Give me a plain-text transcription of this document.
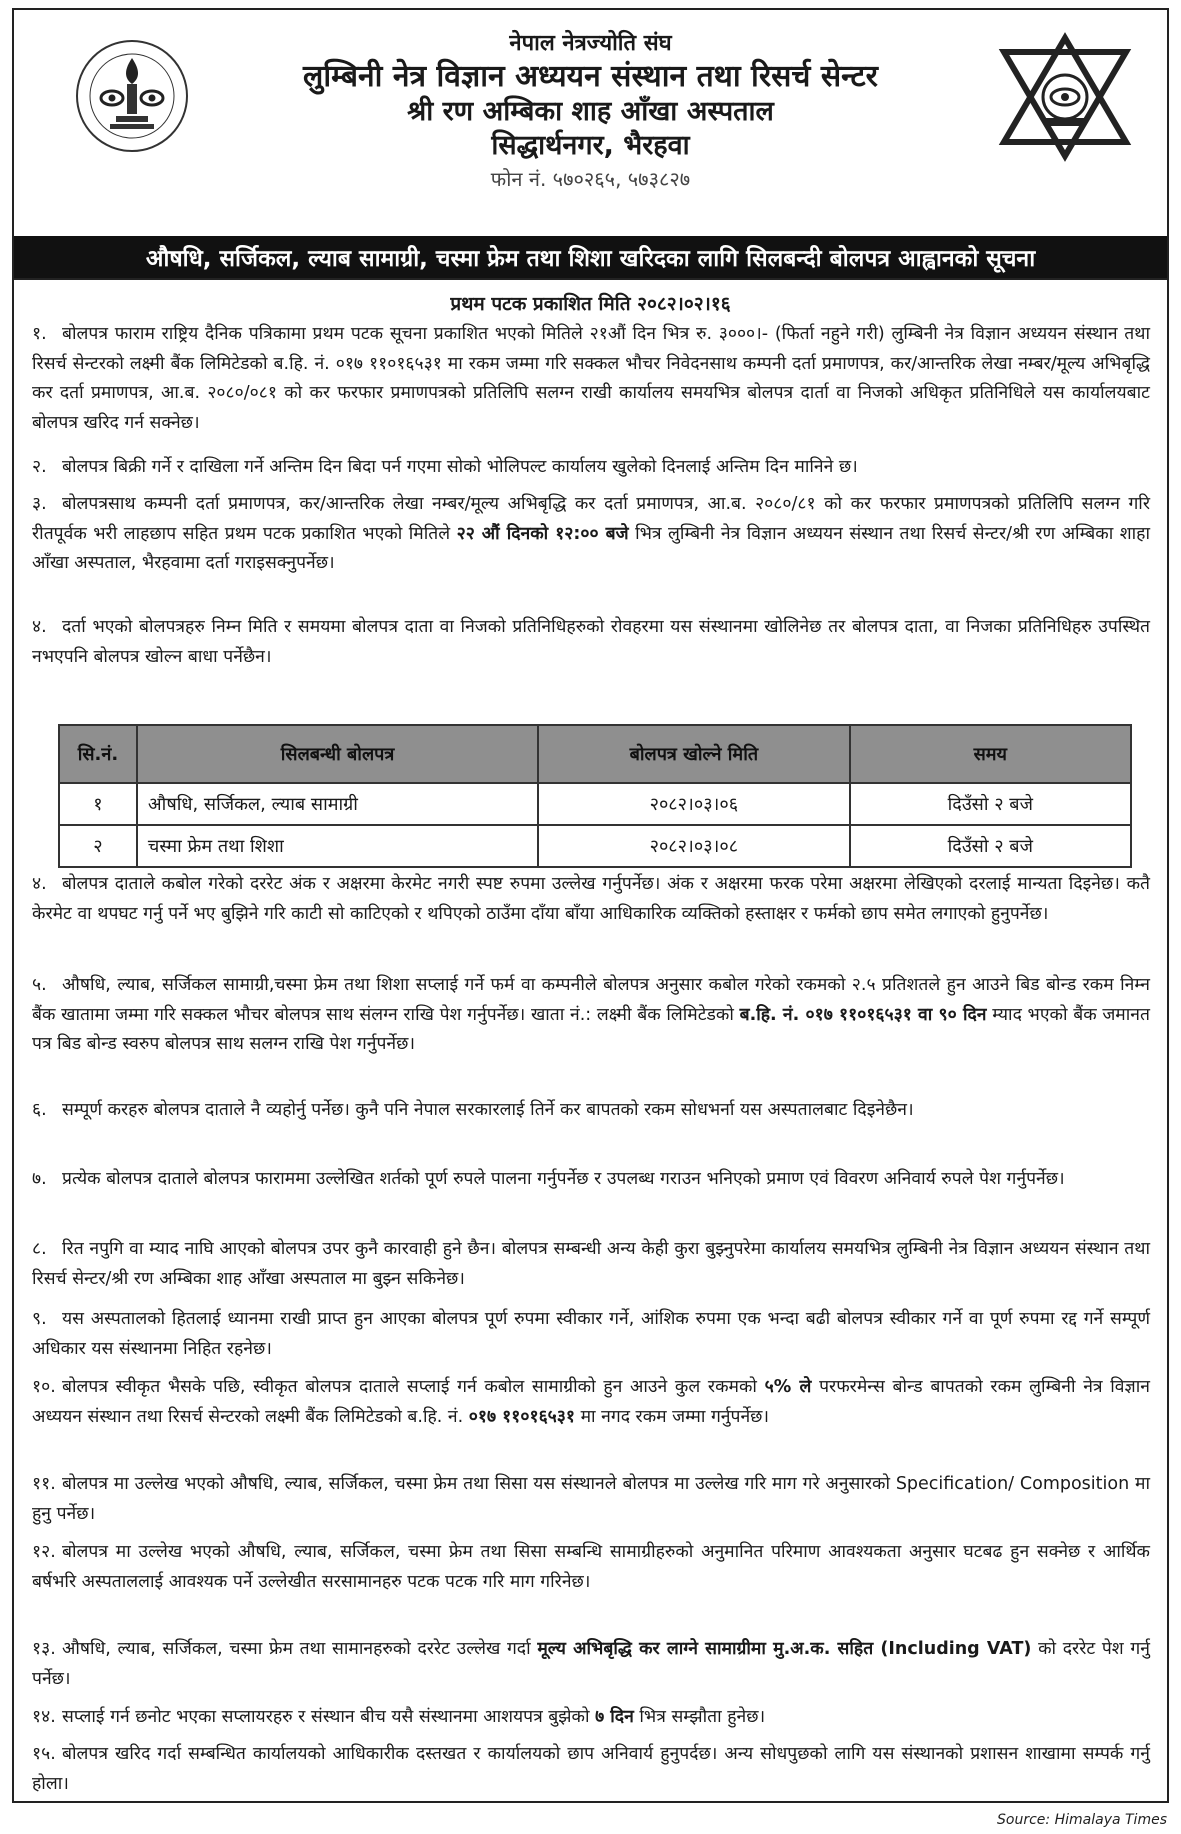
नेपाल नेत्रज्योति संघ
लुम्बिनी नेत्र विज्ञान अध्ययन संस्थान तथा रिसर्च सेन्टर
श्री रण अम्बिका शाह आँखा अस्पताल
सिद्धार्थनगर, भैरहवा
फोन नं. ५७०२६५, ५७३८२७
औषधि, सर्जिकल, ल्याब सामाग्री, चस्मा फ्रेम तथा शिशा खरिदका लागि सिलबन्दी बोलपत्र आह्वानको सूचना
प्रथम पटक प्रकाशित मिति २०८२।०२।१६
१. बोलपत्र फाराम राष्ट्रिय दैनिक पत्रिकामा प्रथम पटक सूचना प्रकाशित भएको मितिले २१औं दिन भित्र रु. ३०००।- (फिर्ता नहुने गरी) लुम्बिनी नेत्र विज्ञान अध्ययन संस्थान तथा रिसर्च सेन्टरको लक्ष्मी बैंक लिमिटेडको ब.हि. नं. ०१७ ११०१६५३१ मा रकम जम्मा गरि सक्कल भौचर निवेदनसाथ कम्पनी दर्ता प्रमाणपत्र, कर/आन्तरिक लेखा नम्बर/मूल्य अभिबृद्धि कर दर्ता प्रमाणपत्र, आ.ब. २०८०/०८१ को कर फरफार प्रमाणपत्रको प्रतिलिपि सलग्न राखी कार्यालय समयभित्र बोलपत्र दार्ता वा निजको अधिकृत प्रतिनिधिले यस कार्यालयबाट बोलपत्र खरिद गर्न सक्नेछ।
२. बोलपत्र बिक्री गर्ने र दाखिला गर्ने अन्तिम दिन बिदा पर्न गएमा सोको भोलिपल्ट कार्यालय खुलेको दिनलाई अन्तिम दिन मानिने छ।
३. बोलपत्रसाथ कम्पनी दर्ता प्रमाणपत्र, कर/आन्तरिक लेखा नम्बर/मूल्य अभिबृद्धि कर दर्ता प्रमाणपत्र, आ.ब. २०८०/८१ को कर फरफार प्रमाणपत्रको प्रतिलिपि सलग्न गरि रीतपूर्वक भरी लाहछाप सहित प्रथम पटक प्रकाशित भएको मितिले २२ औं दिनको १२:०० बजे भित्र लुम्बिनी नेत्र विज्ञान अध्ययन संस्थान तथा रिसर्च सेन्टर/श्री रण अम्बिका शाहा आँखा अस्पताल, भैरहवामा दर्ता गराइसक्नुपर्नेछ।
४. दर्ता भएको बोलपत्रहरु निम्न मिति र समयमा बोलपत्र दाता वा निजको प्रतिनिधिहरुको रोवहरमा यस संस्थानमा खोलिनेछ तर बोलपत्र दाता, वा निजका प्रतिनिधिहरु उपस्थित नभएपनि बोलपत्र खोल्न बाधा पर्नेछैन।
सि.नं.	सिलबन्धी बोलपत्र	बोलपत्र खोल्ने मिति	समय
१	औषधि, सर्जिकल, ल्याब सामाग्री	२०८२।०३।०६	दिउँसो २ बजे
२	चस्मा फ्रेम तथा शिशा	२०८२।०३।०८	दिउँसो २ बजे
४. बोलपत्र दाताले कबोल गरेको दररेट अंक र अक्षरमा केरमेट नगरी स्पष्ट रुपमा उल्लेख गर्नुपर्नेछ। अंक र अक्षरमा फरक परेमा अक्षरमा लेखिएको दरलाई मान्यता दिइनेछ। कतै केरमेट वा थपघट गर्नु पर्ने भए बुझिने गरि काटी सो काटिएको र थपिएको ठाउँमा दाँया बाँया आधिकारिक व्यक्तिको हस्ताक्षर र फर्मको छाप समेत लगाएको हुनुपर्नेछ।
५. औषधि, ल्याब, सर्जिकल सामाग्री,चस्मा फ्रेम तथा शिशा सप्लाई गर्ने फर्म वा कम्पनीले बोलपत्र अनुसार कबोल गरेको रकमको २.५ प्रतिशतले हुन आउने बिड बोन्ड रकम निम्न बैंक खातामा जम्मा गरि सक्कल भौचर बोलपत्र साथ संलग्न राखि पेश गर्नुपर्नेछ। खाता नं.: लक्ष्मी बैंक लिमिटेडको ब.हि. नं. ०१७ ११०१६५३१ वा ९० दिन म्याद भएको बैंक जमानत पत्र बिड बोन्ड स्वरुप बोलपत्र साथ सलग्न राखि पेश गर्नुपर्नेछ।
६. सम्पूर्ण करहरु बोलपत्र दाताले नै व्यहोर्नु पर्नेछ। कुनै पनि नेपाल सरकारलाई तिर्ने कर बापतको रकम सोधभर्ना यस अस्पतालबाट दिइनेछैन।
७. प्रत्येक बोलपत्र दाताले बोलपत्र फाराममा उल्लेखित शर्तको पूर्ण रुपले पालना गर्नुपर्नेछ र उपलब्ध गराउन भनिएको प्रमाण एवं विवरण अनिवार्य रुपले पेश गर्नुपर्नेछ।
८. रित नपुगि वा म्याद नाघि आएको बोलपत्र उपर कुनै कारवाही हुने छैन। बोलपत्र सम्बन्धी अन्य केही कुरा बुझ्नुपरेमा कार्यालय समयभित्र लुम्बिनी नेत्र विज्ञान अध्ययन संस्थान तथा रिसर्च सेन्टर/श्री रण अम्बिका शाह आँखा अस्पताल मा बुझ्न सकिनेछ।
९. यस अस्पतालको हितलाई ध्यानमा राखी प्राप्त हुन आएका बोलपत्र पूर्ण रुपमा स्वीकार गर्ने, आंशिक रुपमा एक भन्दा बढी बोलपत्र स्वीकार गर्ने वा पूर्ण रुपमा रद्द गर्ने सम्पूर्ण अधिकार यस संस्थानमा निहित रहनेछ।
१०. बोलपत्र स्वीकृत भैसके पछि, स्वीकृत बोलपत्र दाताले सप्लाई गर्न कबोल सामाग्रीको हुन आउने कुल रकमको ५% ले परफरमेन्स बोन्ड बापतको रकम लुम्बिनी नेत्र विज्ञान अध्ययन संस्थान तथा रिसर्च सेन्टरको लक्ष्मी बैंक लिमिटेडको ब.हि. नं. ०१७ ११०१६५३१ मा नगद रकम जम्मा गर्नुपर्नेछ।
११. बोलपत्र मा उल्लेख भएको औषधि, ल्याब, सर्जिकल, चस्मा फ्रेम तथा सिसा यस संस्थानले बोलपत्र मा उल्लेख गरि माग गरे अनुसारको Specification/ Composition मा हुनु पर्नेछ।
१२. बोलपत्र मा उल्लेख भएको औषधि, ल्याब, सर्जिकल, चस्मा फ्रेम तथा सिसा सम्बन्धि सामाग्रीहरुको अनुमानित परिमाण आवश्यकता अनुसार घटबढ हुन सक्नेछ र आर्थिक बर्षभरि अस्पताललाई आवश्यक पर्ने उल्लेखीत सरसामानहरु पटक पटक गरि माग गरिनेछ।
१३. औषधि, ल्याब, सर्जिकल, चस्मा फ्रेम तथा सामानहरुको दररेट उल्लेख गर्दा मूल्य अभिबृद्धि कर लाग्ने सामाग्रीमा मु.अ.क. सहित (Including VAT) को दररेट पेश गर्नु पर्नेछ।
१४. सप्लाई गर्न छनोट भएका सप्लायरहरु र संस्थान बीच यसै संस्थानमा आशयपत्र बुझेको ७ दिन भित्र सम्झौता हुनेछ।
१५. बोलपत्र खरिद गर्दा सम्बन्धित कार्यालयको आधिकारीक दस्तखत र कार्यालयको छाप अनिवार्य हुनुपर्दछ। अन्य सोधपुछको लागि यस संस्थानको प्रशासन शाखामा सम्पर्क गर्नु होला।
Source: Himalaya Times
